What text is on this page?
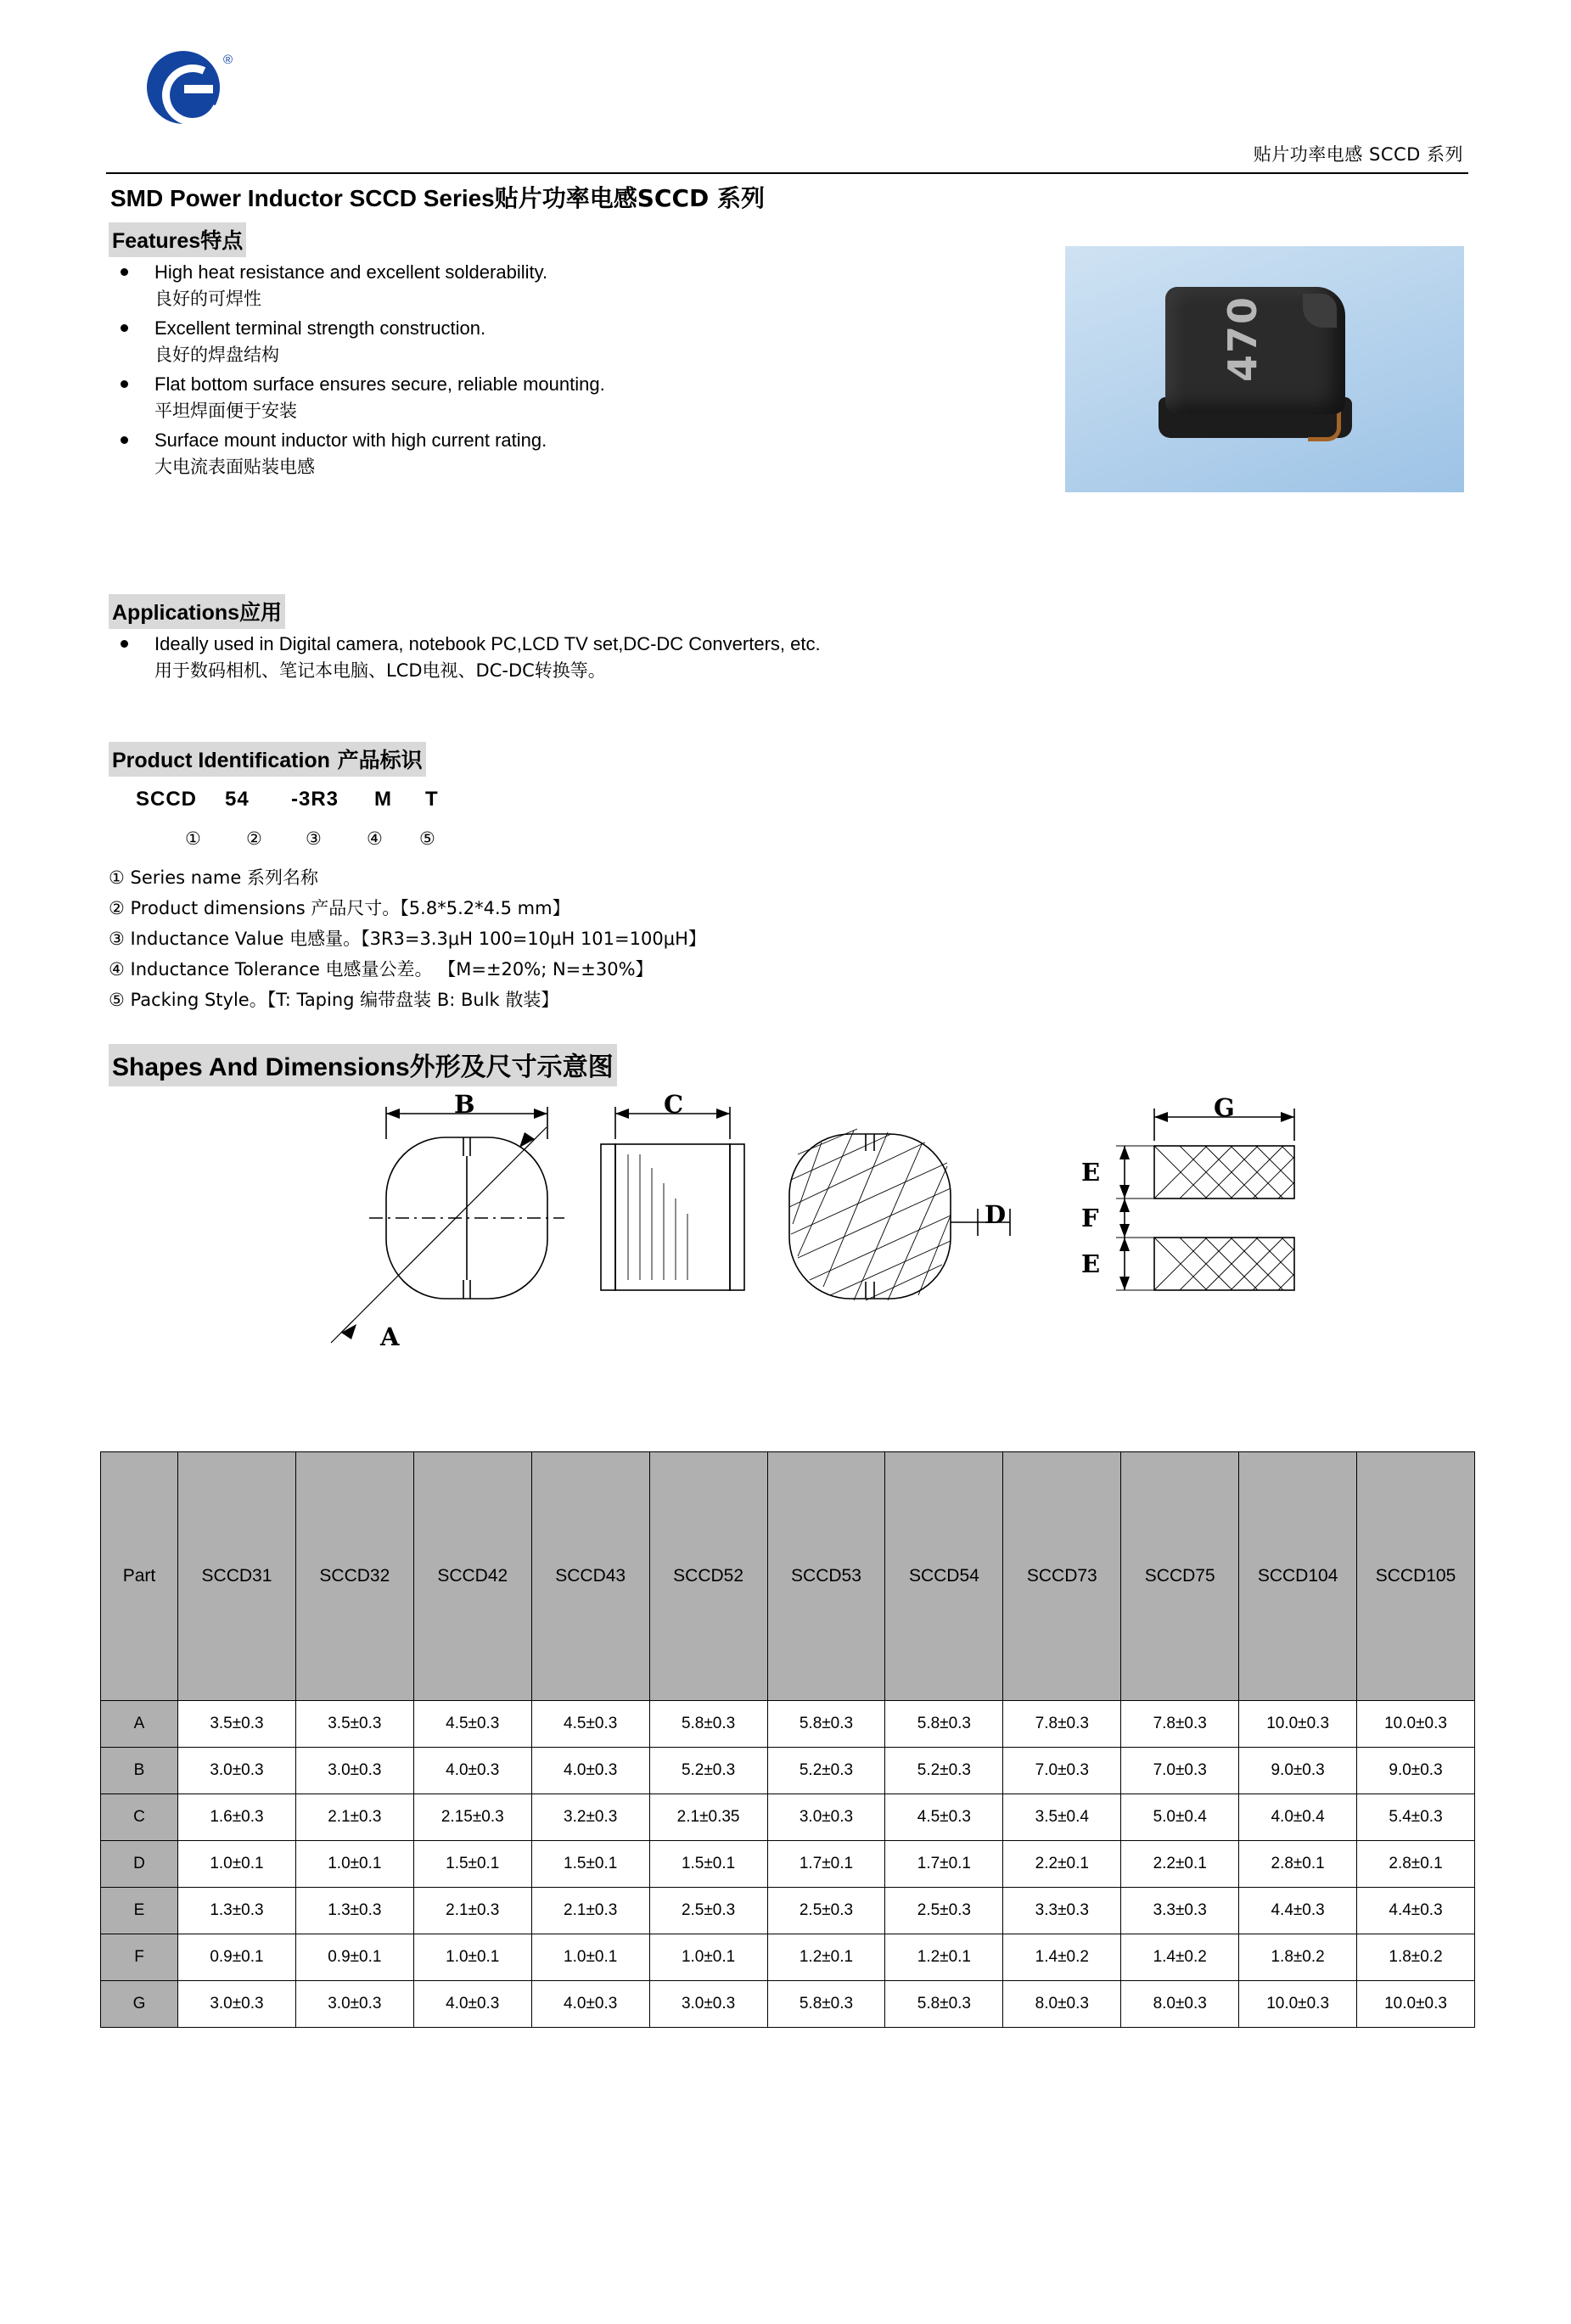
®
贴片功率电感 SCCD 系列
SMD Power Inductor SCCD Series贴片功率电感SCCD 系列
Features特点
High heat resistance and excellent solderability.
良好的可焊性
Excellent terminal strength construction.
良好的焊盘结构
Flat bottom surface ensures secure, reliable mounting.
平坦焊面便于安装
Surface mount inductor with high current rating.
大电流表面贴装电感
470
Applications应用
Ideally used in Digital camera, notebook PC,LCD TV set,DC-DC Converters, etc.
用于数码相机、笔记本电脑、LCD电视、DC-DC转换等。
Product Identification 产品标识
SCCD 54 -3R3 M T
① ② ③ ④ ⑤
① Series name 系列名称
② Product dimensions 产品尺寸。【5.8*5.2*4.5 mm】
③ Inductance Value 电感量。【3R3=3.3μH 100=10μH 101=100μH】
④ Inductance Tolerance 电感量公差。 【M=±20%; N=±30%】
⑤ Packing Style。【T: Taping 编带盘装 B: Bulk 散装】
Shapes And Dimensions外形及尺寸示意图
B	C
A
D
E
F
E
G
Part	SCCD31	SCCD32	SCCD42	SCCD43	SCCD52	SCCD53	SCCD54	SCCD73	SCCD75	SCCD104	SCCD105
A	3.5±0.3	3.5±0.3	4.5±0.3	4.5±0.3	5.8±0.3	5.8±0.3	5.8±0.3	7.8±0.3	7.8±0.3	10.0±0.3	10.0±0.3
B	3.0±0.3	3.0±0.3	4.0±0.3	4.0±0.3	5.2±0.3	5.2±0.3	5.2±0.3	7.0±0.3	7.0±0.3	9.0±0.3	9.0±0.3
C	1.6±0.3	2.1±0.3	2.15±0.3	3.2±0.3	2.1±0.35	3.0±0.3	4.5±0.3	3.5±0.4	5.0±0.4	4.0±0.4	5.4±0.3
D	1.0±0.1	1.0±0.1	1.5±0.1	1.5±0.1	1.5±0.1	1.7±0.1	1.7±0.1	2.2±0.1	2.2±0.1	2.8±0.1	2.8±0.1
E	1.3±0.3	1.3±0.3	2.1±0.3	2.1±0.3	2.5±0.3	2.5±0.3	2.5±0.3	3.3±0.3	3.3±0.3	4.4±0.3	4.4±0.3
F	0.9±0.1	0.9±0.1	1.0±0.1	1.0±0.1	1.0±0.1	1.2±0.1	1.2±0.1	1.4±0.2	1.4±0.2	1.8±0.2	1.8±0.2
G	3.0±0.3	3.0±0.3	4.0±0.3	4.0±0.3	3.0±0.3	5.8±0.3	5.8±0.3	8.0±0.3	8.0±0.3	10.0±0.3	10.0±0.3
